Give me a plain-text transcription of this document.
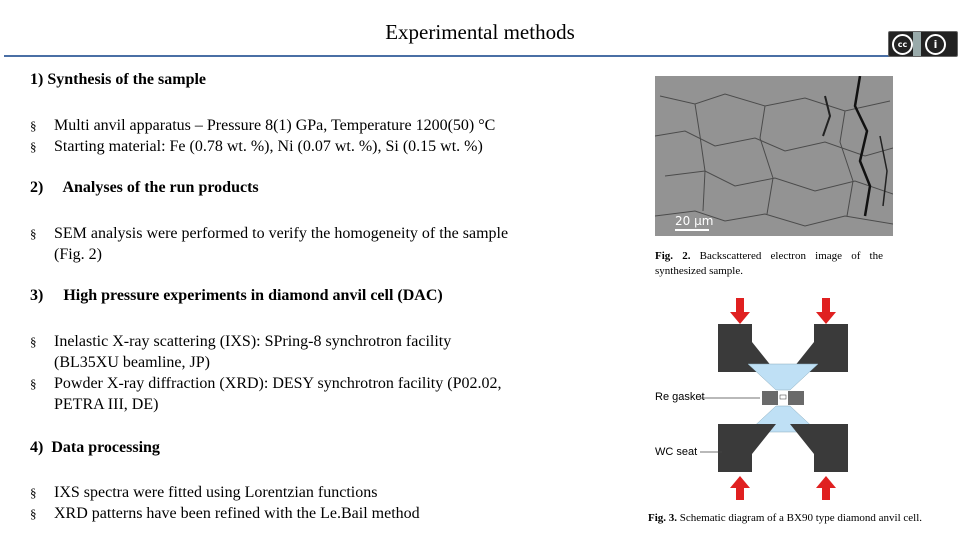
Experimental methods
cc	i
1) Synthesis of the sample
§ Multi anvil apparatus – Pressure 8(1) GPa, Temperature 1200(50) °C
§ Starting material: Fe (0.78 wt. %), Ni (0.07 wt. %), Si (0.15 wt. %)
2)     Analyses of the run products
§ SEM analysis were performed to verify the homogeneity of the sample (Fig. 2)
3)     High pressure experiments in diamond anvil cell (DAC)
§ Inelastic X-ray scattering (IXS): SPring-8 synchrotron facility (BL35XU beamline, JP)
§ Powder X-ray diffraction (XRD): DESY synchrotron facility (P02.02, PETRA III, DE)
4)  Data processing
§ IXS spectra were fitted using Lorentzian functions
§ XRD patterns have been refined with the Le.Bail method
20 μm
Fig. 2. Backscattered electron image of the synthesized sample.
Re gasket
WC seat
Fig. 3. Schematic diagram of a BX90 type diamond anvil cell.
